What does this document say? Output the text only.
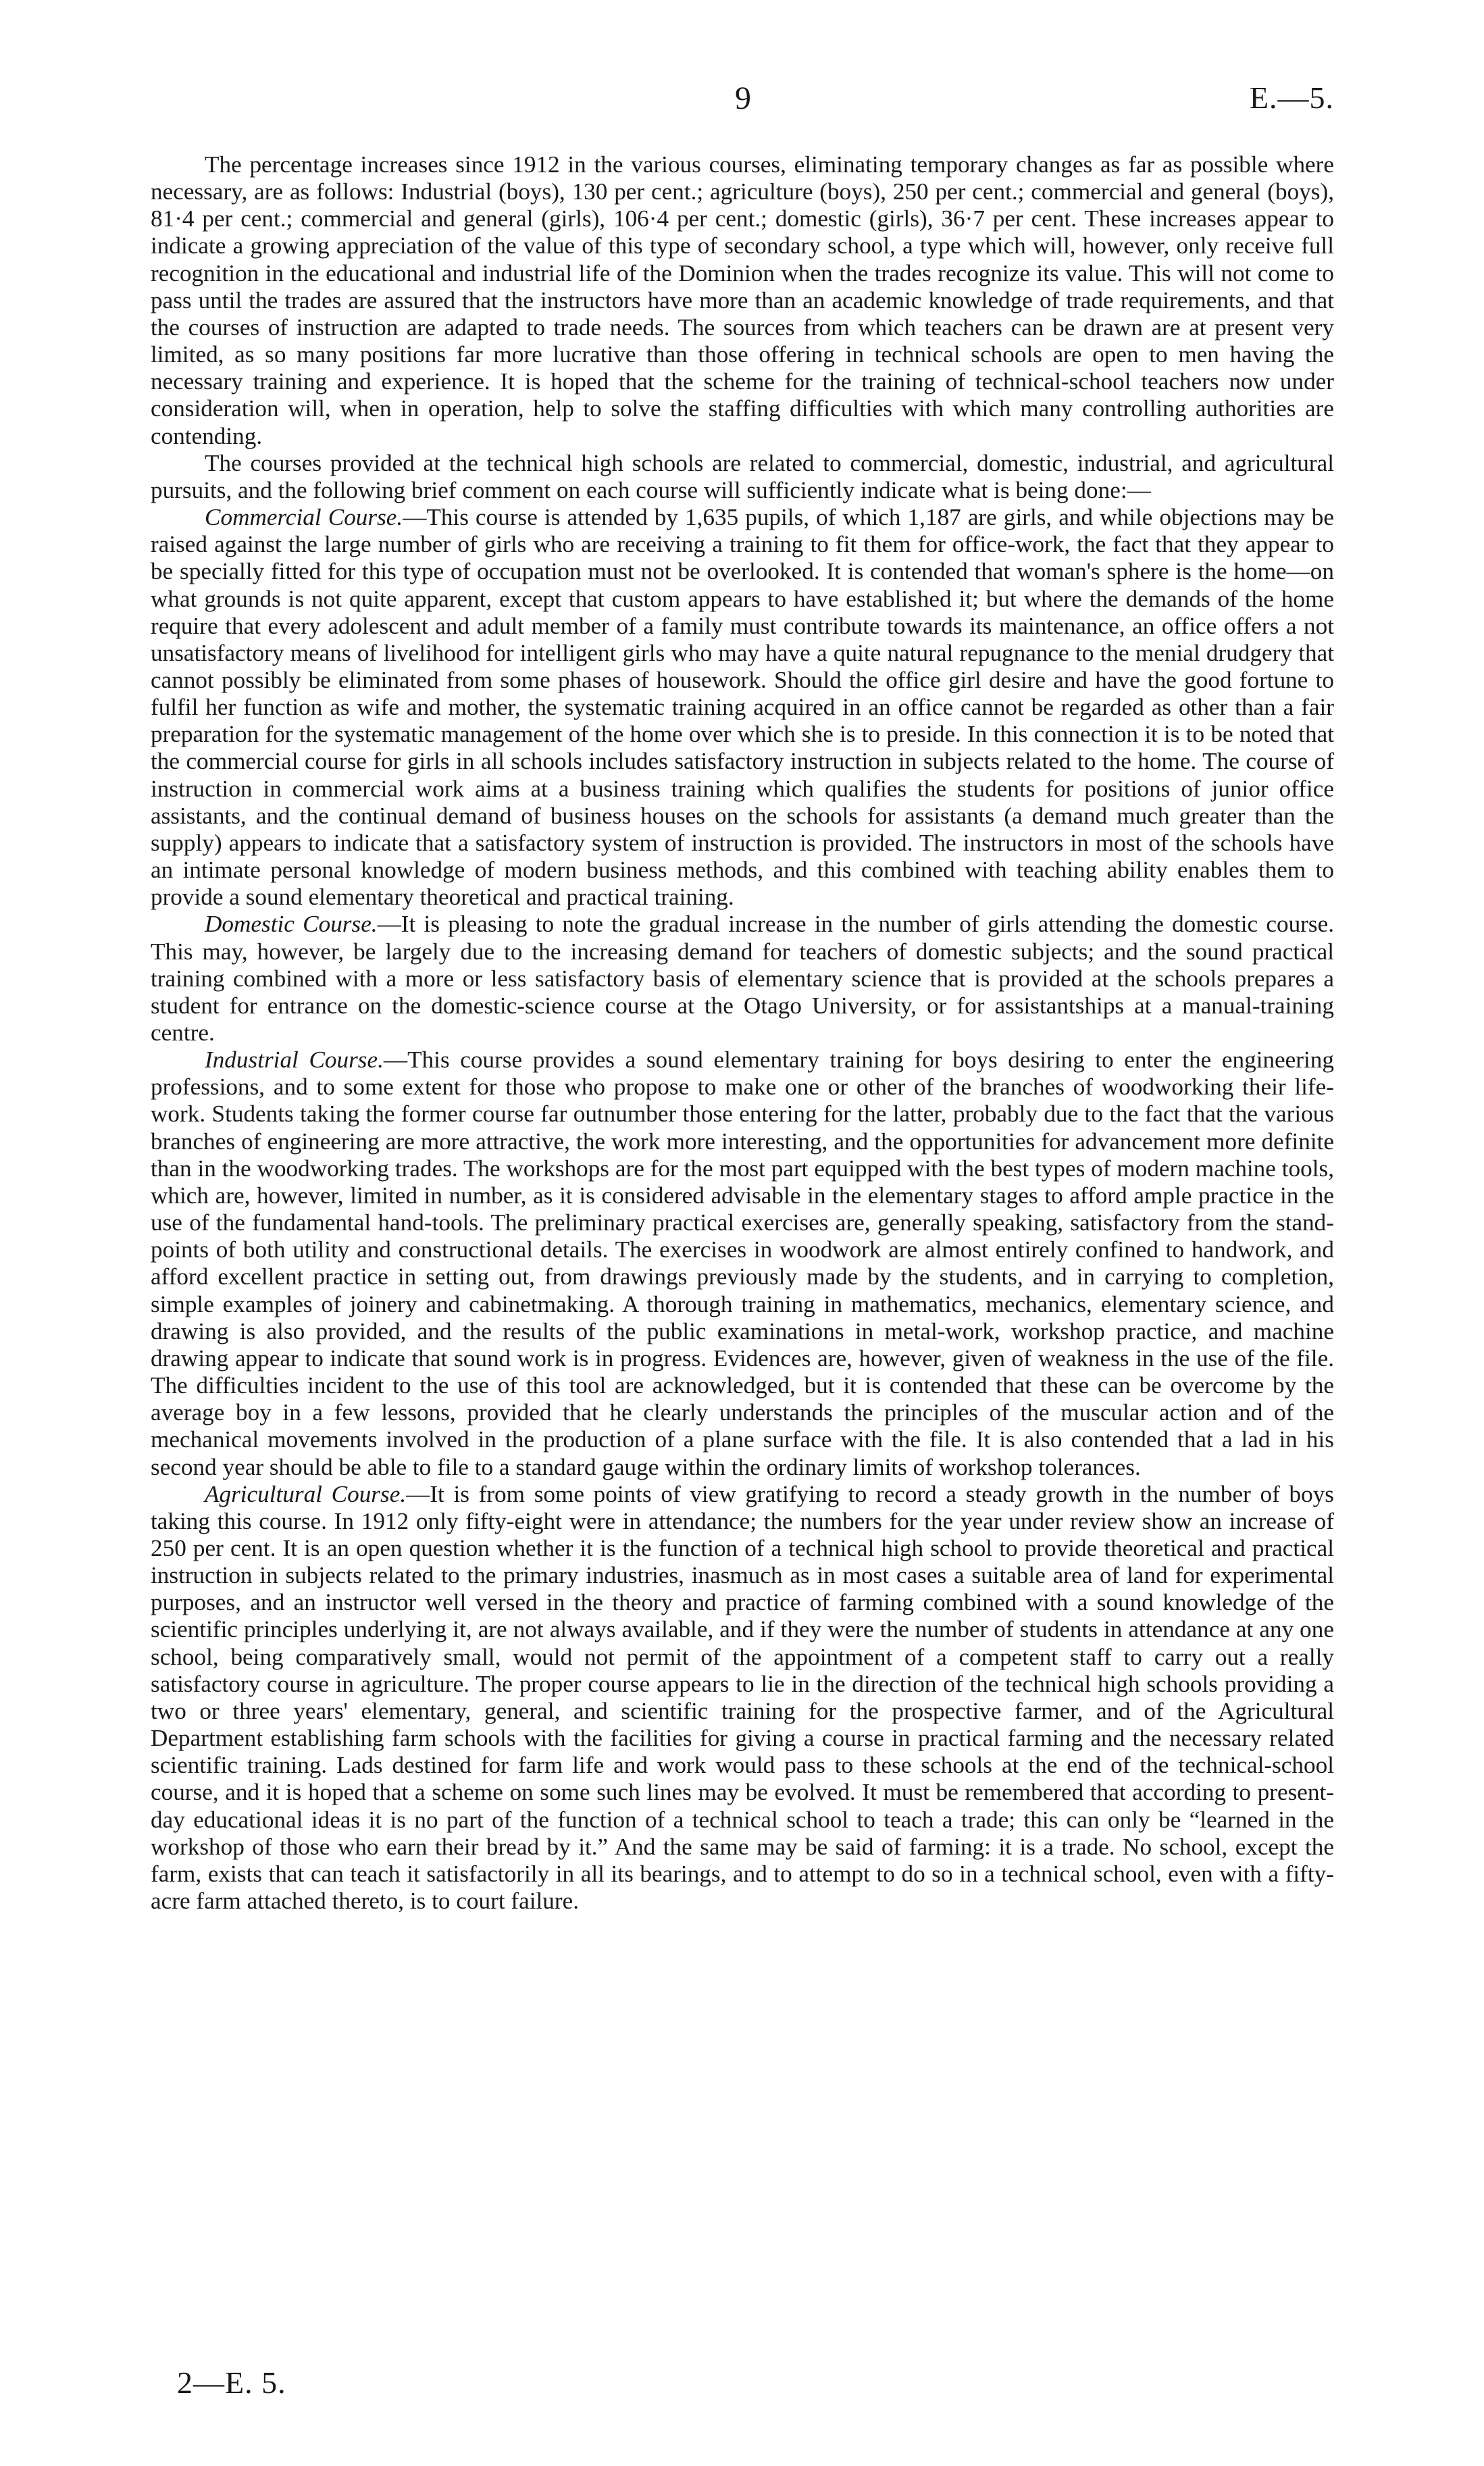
9	E.—5.

The percentage increases since 1912 in the various courses, eliminating temporary changes as far as possible where necessary, are as follows: Industrial (boys), 130 per cent.; agriculture (boys), 250 per cent.; commercial and general (boys), 81·4 per cent.; commercial and general (girls), 106·4 per cent.; domestic (girls), 36·7 per cent. These increases appear to indicate a growing appreciation of the value of this type of secondary school, a type which will, however, only receive full recognition in the educational and industrial life of the Dominion when the trades recognize its value. This will not come to pass until the trades are assured that the instructors have more than an academic knowledge of trade requirements, and that the courses of instruction are adapted to trade needs. The sources from which teachers can be drawn are at present very limited, as so many positions far more lucrative than those offering in technical schools are open to men having the necessary training and experience. It is hoped that the scheme for the training of technical-school teachers now under consideration will, when in operation, help to solve the staffing difficulties with which many controlling authorities are contending.

The courses provided at the technical high schools are related to commercial, domestic, industrial, and agricultural pursuits, and the following brief comment on each course will sufficiently indicate what is being done:—

Commercial Course.—This course is attended by 1,635 pupils, of which 1,187 are girls, and while objections may be raised against the large number of girls who are receiving a training to fit them for office-work, the fact that they appear to be specially fitted for this type of occupation must not be overlooked. It is contended that woman's sphere is the home—on what grounds is not quite apparent, except that custom appears to have established it; but where the demands of the home require that every adolescent and adult member of a family must contribute towards its maintenance, an office offers a not unsatisfactory means of livelihood for intelligent girls who may have a quite natural repugnance to the menial drudgery that cannot possibly be eliminated from some phases of housework. Should the office girl desire and have the good fortune to fulfil her function as wife and mother, the systematic training acquired in an office cannot be regarded as other than a fair preparation for the systematic management of the home over which she is to preside. In this connection it is to be noted that the commercial course for girls in all schools includes satisfactory instruction in subjects related to the home. The course of instruction in commercial work aims at a business training which qualifies the students for positions of junior office assistants, and the continual demand of business houses on the schools for assistants (a demand much greater than the supply) appears to indicate that a satisfactory system of instruction is provided. The instructors in most of the schools have an intimate personal knowledge of modern business methods, and this combined with teaching ability enables them to provide a sound elementary theoretical and practical training.

Domestic Course.—It is pleasing to note the gradual increase in the number of girls attending the domestic course. This may, however, be largely due to the increasing demand for teachers of domestic subjects; and the sound practical training combined with a more or less satisfactory basis of elementary science that is provided at the schools prepares a student for entrance on the domestic-science course at the Otago University, or for assistantships at a manual-training centre.

Industrial Course.—This course provides a sound elementary training for boys desiring to enter the engineering professions, and to some extent for those who propose to make one or other of the branches of woodworking their life-work. Students taking the former course far outnumber those entering for the latter, probably due to the fact that the various branches of engineering are more attractive, the work more interesting, and the opportunities for advancement more definite than in the woodworking trades. The workshops are for the most part equipped with the best types of modern machine tools, which are, however, limited in number, as it is considered advisable in the elementary stages to afford ample practice in the use of the fundamental hand-tools. The preliminary practical exercises are, generally speaking, satisfactory from the stand-points of both utility and constructional details. The exercises in woodwork are almost entirely confined to handwork, and afford excellent practice in setting out, from drawings previously made by the students, and in carrying to completion, simple examples of joinery and cabinetmaking. A thorough training in mathematics, mechanics, elementary science, and drawing is also provided, and the results of the public examinations in metal-work, workshop practice, and machine drawing appear to indicate that sound work is in progress. Evidences are, however, given of weakness in the use of the file. The difficulties incident to the use of this tool are acknowledged, but it is contended that these can be overcome by the average boy in a few lessons, provided that he clearly understands the principles of the muscular action and of the mechanical movements involved in the production of a plane surface with the file. It is also contended that a lad in his second year should be able to file to a standard gauge within the ordinary limits of workshop tolerances.

Agricultural Course.—It is from some points of view gratifying to record a steady growth in the number of boys taking this course. In 1912 only fifty-eight were in attendance; the numbers for the year under review show an increase of 250 per cent. It is an open question whether it is the function of a technical high school to provide theoretical and practical instruction in subjects related to the primary industries, inasmuch as in most cases a suitable area of land for experimental purposes, and an instructor well versed in the theory and practice of farming combined with a sound knowledge of the scientific principles underlying it, are not always available, and if they were the number of students in attendance at any one school, being comparatively small, would not permit of the appointment of a competent staff to carry out a really satisfactory course in agriculture. The proper course appears to lie in the direction of the technical high schools providing a two or three years' elementary, general, and scientific training for the prospective farmer, and of the Agricultural Department establishing farm schools with the facilities for giving a course in practical farming and the necessary related scientific training. Lads destined for farm life and work would pass to these schools at the end of the technical-school course, and it is hoped that a scheme on some such lines may be evolved. It must be remembered that according to present-day educational ideas it is no part of the function of a technical school to teach a trade; this can only be “learned in the workshop of those who earn their bread by it.” And the same may be said of farming: it is a trade. No school, except the farm, exists that can teach it satisfactorily in all its bearings, and to attempt to do so in a technical school, even with a fifty-acre farm attached thereto, is to court failure.

2—E. 5.
